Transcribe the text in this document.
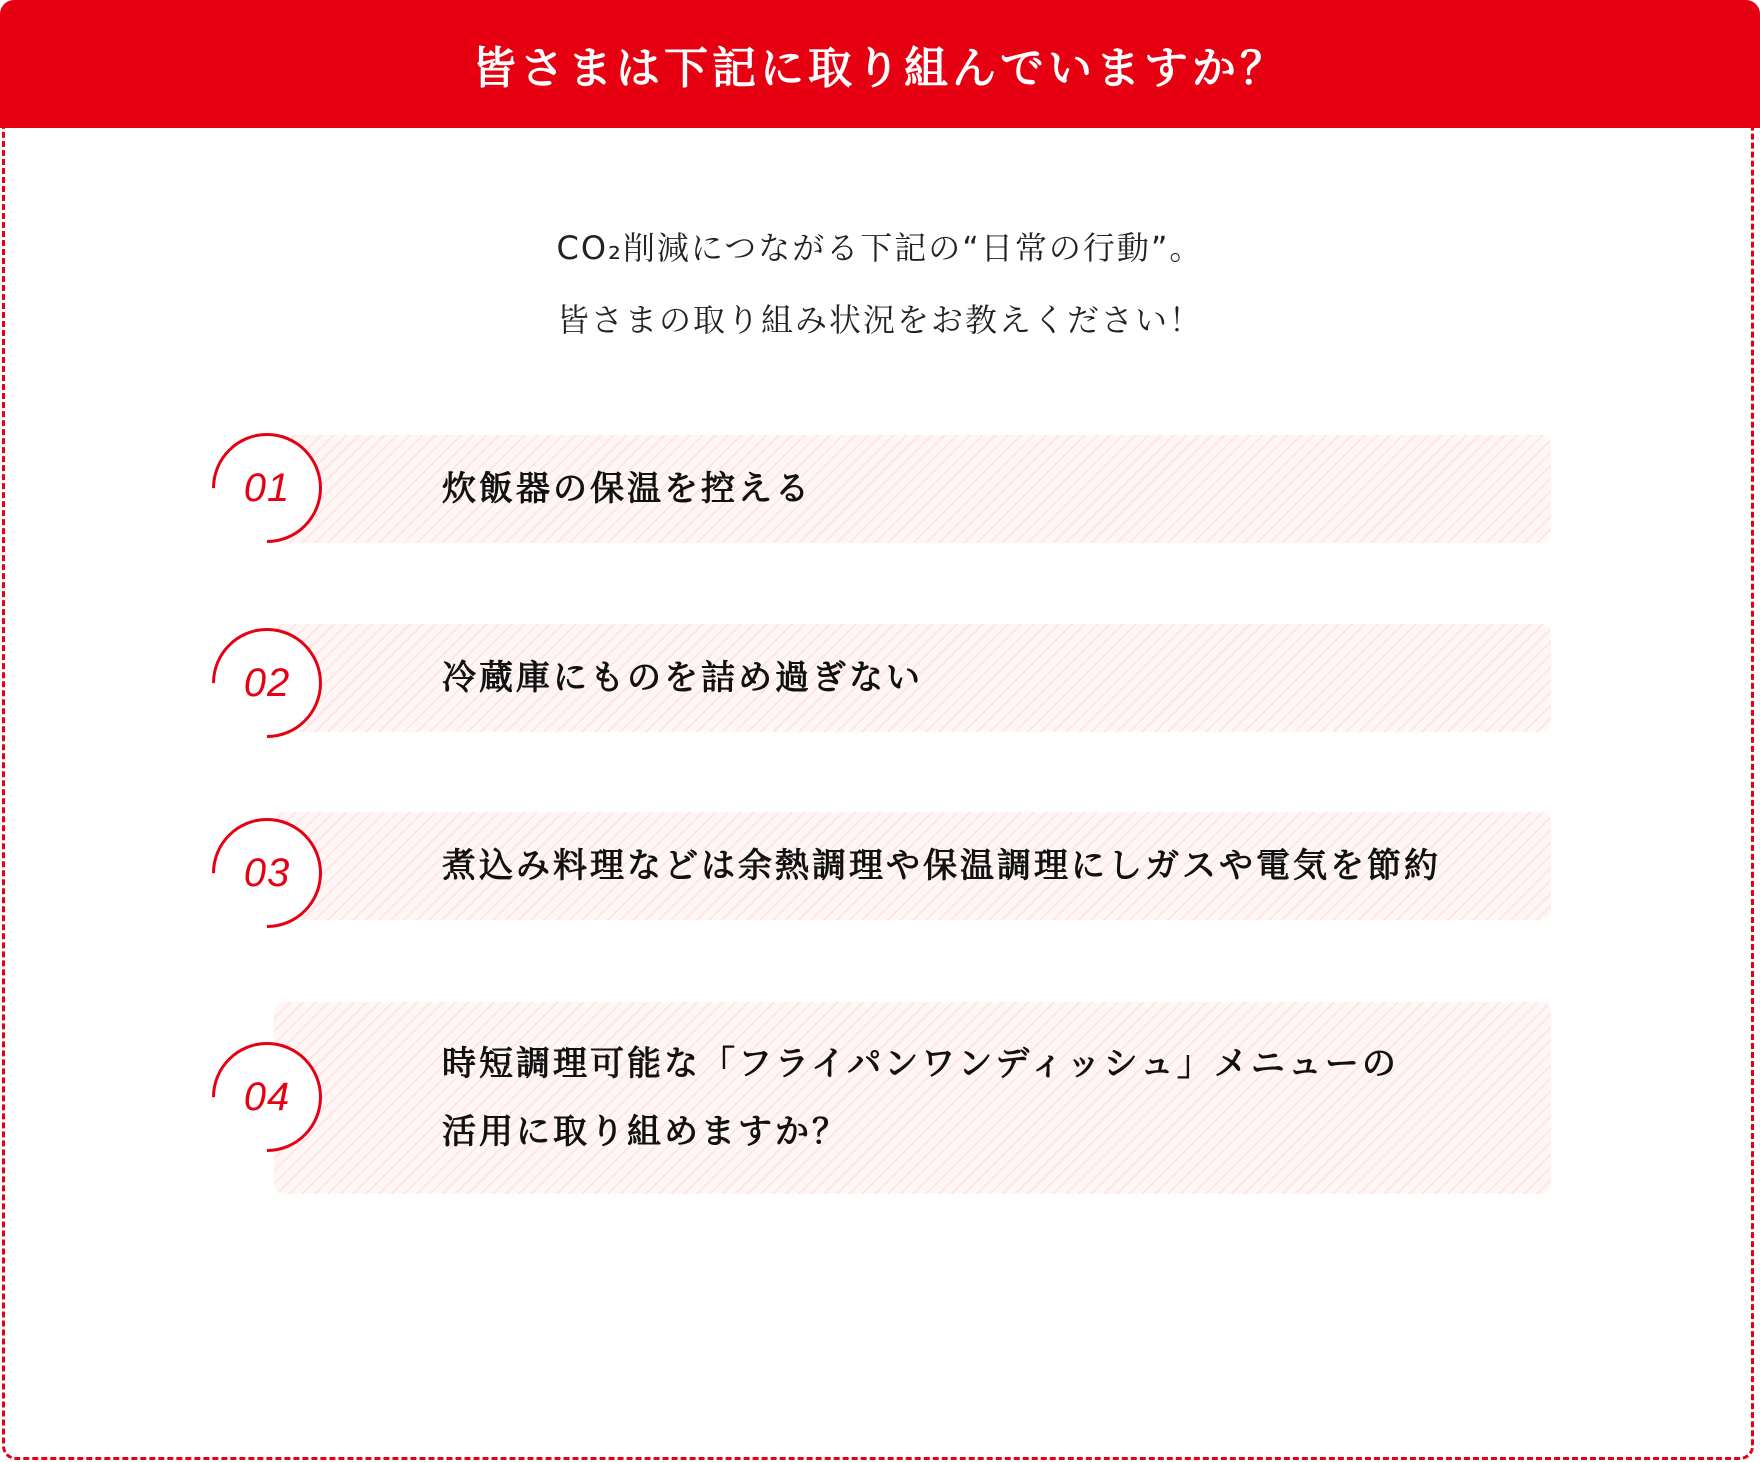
皆さまは下記に取り組んでいますか？
CO₂削減につながる下記の“日常の行動”。
皆さまの取り組み状況をお教えください！
01	炊飯器の保温を控える
02	冷蔵庫にものを詰め過ぎない
03	煮込み料理などは余熱調理や保温調理にしガスや電気を節約
04
時短調理可能な「フライパンワンディッシュ」メニューの
活用に取り組めますか？
